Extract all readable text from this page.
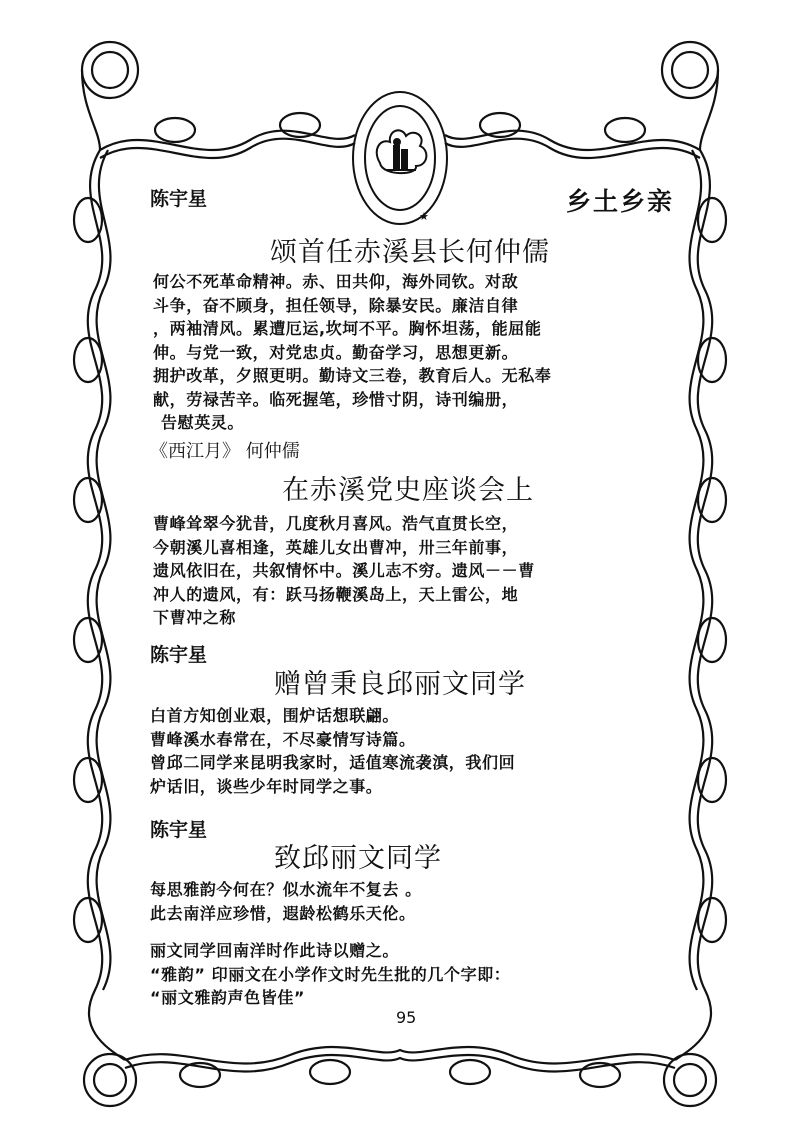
★
陈宇星	乡土乡亲
颂首任赤溪县长何仲儒
何公不死革命精神。赤、田共仰，海外同钦。对敌
斗争，奋不顾身，担任领导，除暴安民。廉洁自律
，两袖清风。累遭厄运,坎坷不平。胸怀坦荡，能屈能
伸。与党一致，对党忠贞。勤奋学习，思想更新。
拥护改革，夕照更明。勤诗文三卷，教育后人。无私奉
献，劳禄苦辛。临死握笔，珍惜寸阴，诗刊编册，
告慰英灵。
《西江月》 何仲儒
在赤溪党史座谈会上
曹峰耸翠今犹昔，几度秋月喜风。浩气直贯长空，
今朝溪儿喜相逢，英雄儿女出曹冲，卅三年前事，
遗风依旧在，共叙情怀中。溪儿志不穷。遗风－－曹
冲人的遗风，有：跃马扬鞭溪岛上，天上雷公，地
下曹冲之称
陈宇星
赠曾秉良邱丽文同学
白首方知创业艰，围炉话想联翩。
曹峰溪水春常在，不尽豪情写诗篇。
曾邱二同学来昆明我家时，适值寒流袭滇，我们回
炉话旧，谈些少年时同学之事。
陈宇星
致邱丽文同学
每思雅韵今何在？似水流年不复去 。
此去南洋应珍惜，遐龄松鹤乐天伦。
丽文同学回南洋时作此诗以赠之。
“雅韵” 印丽文在小学作文时先生批的几个字即：
“丽文雅韵声色皆佳”
95
